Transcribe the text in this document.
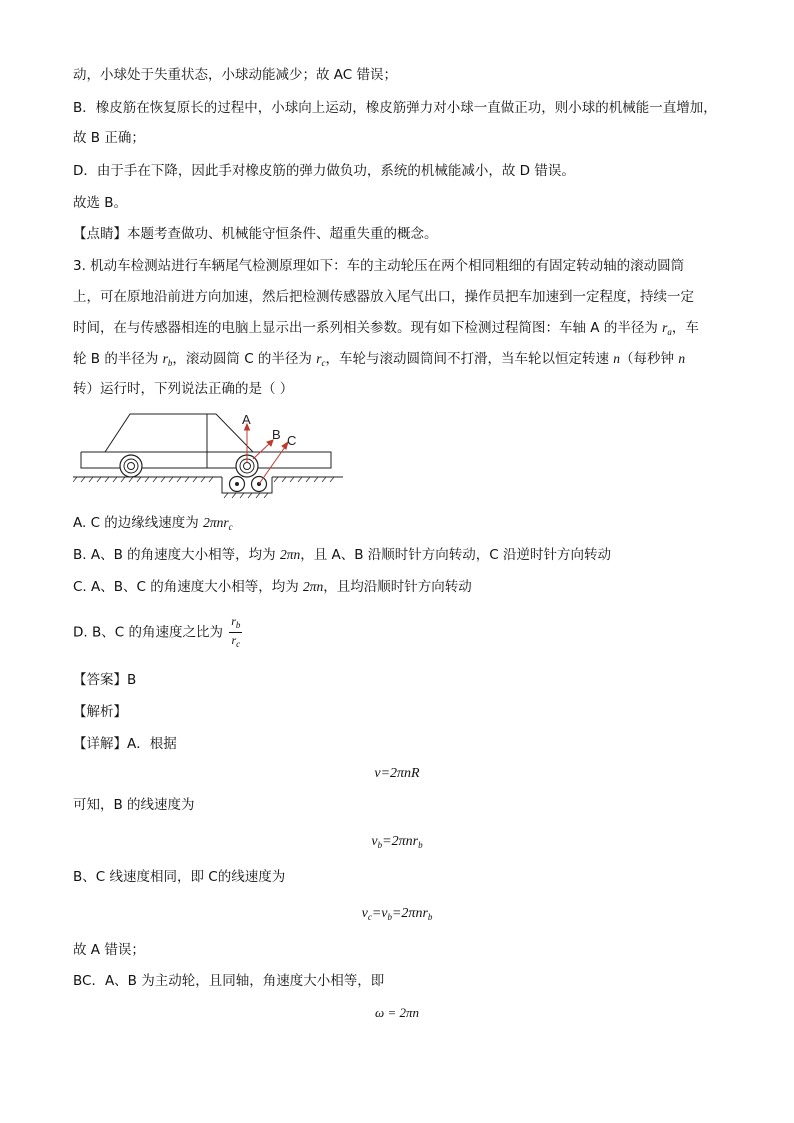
动，小球处于失重状态，小球动能减少；故 AC 错误；
B．橡皮筋在恢复原长的过程中，小球向上运动，橡皮筋弹力对小球一直做正功，则小球的机械能一直增加，
故 B 正确；
D．由于手在下降，因此手对橡皮筋的弹力做负功，系统的机械能减小，故 D 错误。
故选 B。
【点睛】本题考查做功、机械能守恒条件、超重失重的概念。
3. 机动车检测站进行车辆尾气检测原理如下：车的主动轮压在两个相同粗细的有固定转动轴的滚动圆筒
上，可在原地沿前进方向加速，然后把检测传感器放入尾气出口，操作员把车加速到一定程度，持续一定
时间，在与传感器相连的电脑上显示出一系列相关参数。现有如下检测过程简图：车轴 A 的半径为 $r_a$，车
轮 B 的半径为 $r_b$，滚动圆筒 C 的半径为 $r_c$，车轮与滚动圆筒间不打滑，当车轮以恒定转速 n（每秒钟 n
转）运行时，下列说法正确的是（ ）
A
B C
A. C 的边缘线速度为 2πnr$_c$
B. A、B 的角速度大小相等，均为 2πn，且 A、B 沿顺时针方向转动，C 沿逆时针方向转动
C. A、B、C 的角速度大小相等，均为 2πn，且均沿顺时针方向转动
D. B、C 的角速度之比为 $\frac{r_b}{r_c}$
【答案】B
【解析】
【详解】A．根据
v=2πnR
可知，B 的线速度为
$v_b=2\pi nr_b$
B、C 线速度相同，即 C的线速度为
$v_c=v_b=2\pi nr_b$
故 A 错误；
BC．A、B 为主动轮，且同轴，角速度大小相等，即
ω = 2πn
